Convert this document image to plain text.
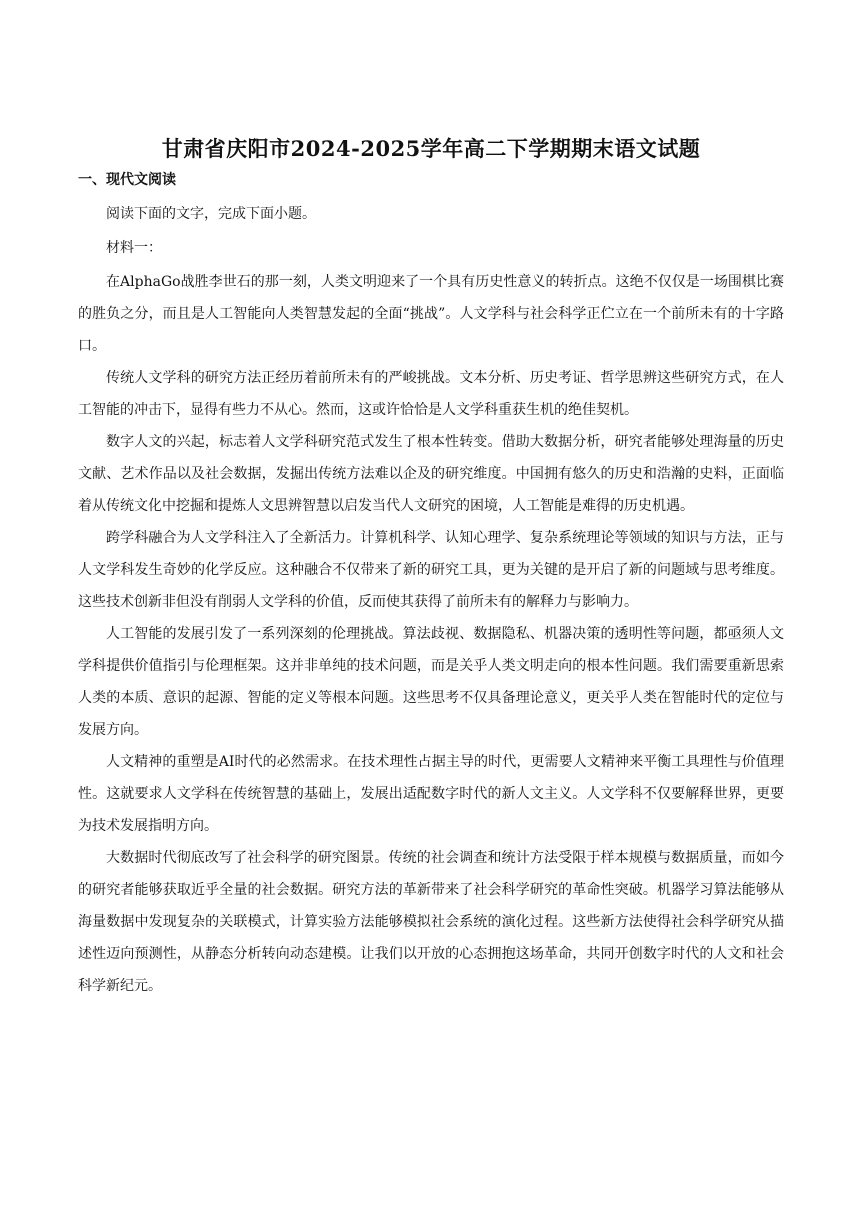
甘肃省庆阳市2024-2025学年高二下学期期末语文试题
一、现代文阅读

阅读下面的文字，完成下面小题。

材料一：

在AlphaGo战胜李世石的那一刻，人类文明迎来了一个具有历史性意义的转折点。这绝不仅仅是一场围棋比赛的胜负之分，而且是人工智能向人类智慧发起的全面“挑战”。人文学科与社会科学正伫立在一个前所未有的十字路口。

传统人文学科的研究方法正经历着前所未有的严峻挑战。文本分析、历史考证、哲学思辨这些研究方式，在人工智能的冲击下，显得有些力不从心。然而，这或许恰恰是人文学科重获生机的绝佳契机。

数字人文的兴起，标志着人文学科研究范式发生了根本性转变。借助大数据分析，研究者能够处理海量的历史文献、艺术作品以及社会数据，发掘出传统方法难以企及的研究维度。中国拥有悠久的历史和浩瀚的史料，正面临着从传统文化中挖掘和提炼人文思辨智慧以启发当代人文研究的困境，人工智能是难得的历史机遇。

跨学科融合为人文学科注入了全新活力。计算机科学、认知心理学、复杂系统理论等领域的知识与方法，正与人文学科发生奇妙的化学反应。这种融合不仅带来了新的研究工具，更为关键的是开启了新的问题域与思考维度。这些技术创新非但没有削弱人文学科的价值，反而使其获得了前所未有的解释力与影响力。

人工智能的发展引发了一系列深刻的伦理挑战。算法歧视、数据隐私、机器决策的透明性等问题，都亟须人文学科提供价值指引与伦理框架。这并非单纯的技术问题，而是关乎人类文明走向的根本性问题。我们需要重新思索人类的本质、意识的起源、智能的定义等根本问题。这些思考不仅具备理论意义，更关乎人类在智能时代的定位与发展方向。

人文精神的重塑是AI时代的必然需求。在技术理性占据主导的时代，更需要人文精神来平衡工具理性与价值理性。这就要求人文学科在传统智慧的基础上，发展出适配数字时代的新人文主义。人文学科不仅要解释世界，更要为技术发展指明方向。

大数据时代彻底改写了社会科学的研究图景。传统的社会调查和统计方法受限于样本规模与数据质量，而如今的研究者能够获取近乎全量的社会数据。研究方法的革新带来了社会科学研究的革命性突破。机器学习算法能够从海量数据中发现复杂的关联模式，计算实验方法能够模拟社会系统的演化过程。这些新方法使得社会科学研究从描述性迈向预测性，从静态分析转向动态建模。让我们以开放的心态拥抱这场革命，共同开创数字时代的人文和社会科学新纪元。
